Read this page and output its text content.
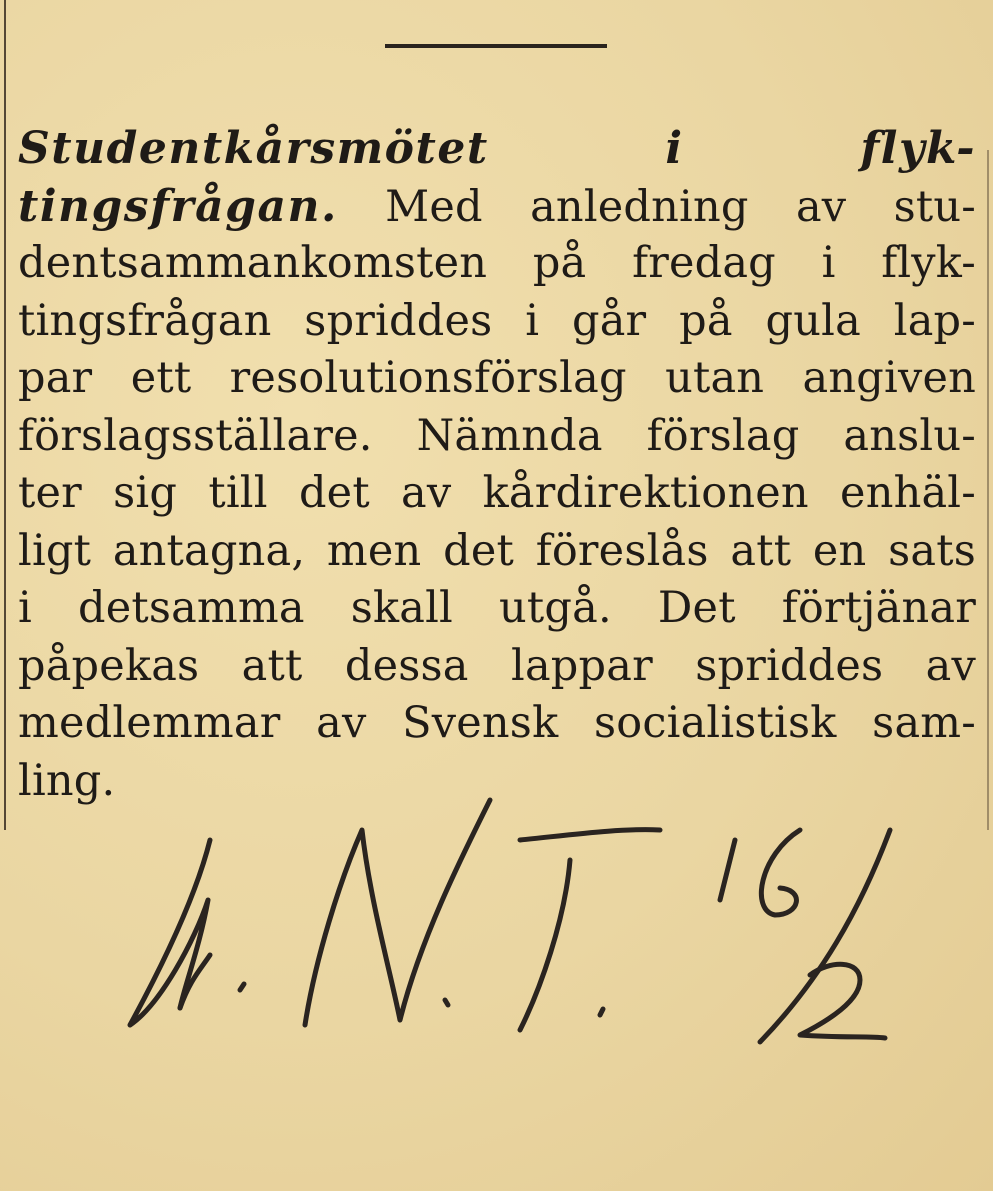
Studentkårsmötet i flyk-
tingsfrågan. Med anledning av stu-
dentsammankomsten på fredag i flyk-
tingsfrågan spriddes i går på gula lap-
par ett resolutionsförslag utan angiven
förslagsställare. Nämnda förslag anslu-
ter sig till det av kårdirektionen enhäl-
ligt antagna, men det föreslås att en sats
i detsamma skall utgå. Det förtjänar
påpekas att dessa lappar spriddes av
medlemmar av Svensk socialistisk sam-
ling.
